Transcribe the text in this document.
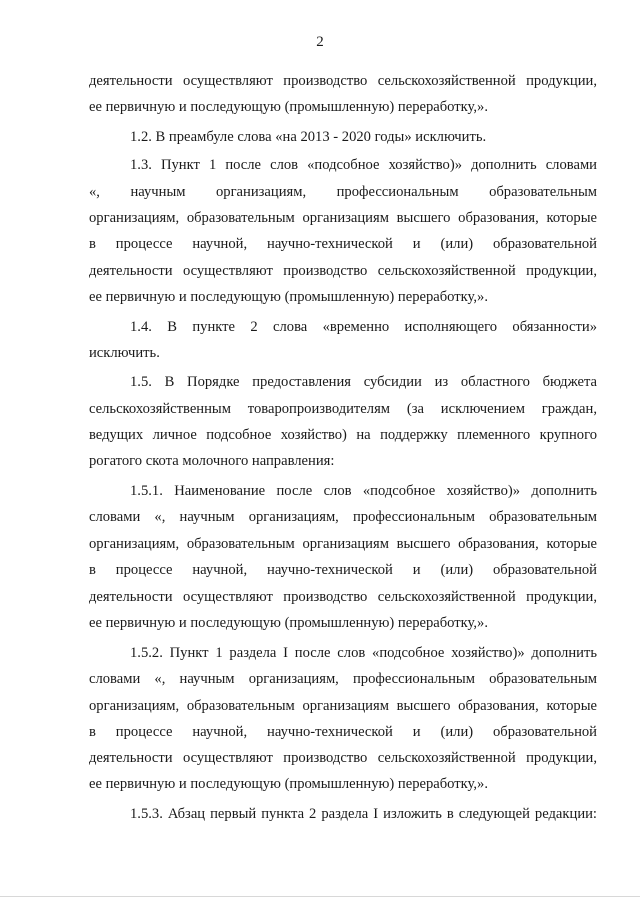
2
деятельности осуществляют производство сельскохозяйственной продукции,
ее первичную и последующую (промышленную) переработку,».
1.2. В преамбуле слова «на 2013 - 2020 годы» исключить.
1.3. Пункт 1 после слов «подсобное хозяйство)» дополнить словами
«, научным организациям, профессиональным образовательным
организациям, образовательным организациям высшего образования, которые
в процессе научной, научно-технической и (или) образовательной
деятельности осуществляют производство сельскохозяйственной продукции,
ее первичную и последующую (промышленную) переработку,».
1.4. В пункте 2 слова «временно исполняющего обязанности»
исключить.
1.5. В Порядке предоставления субсидии из областного бюджета
сельскохозяйственным товаропроизводителям (за исключением граждан,
ведущих личное подсобное хозяйство) на поддержку племенного крупного
рогатого скота молочного направления:
1.5.1. Наименование после слов «подсобное хозяйство)» дополнить
словами «, научным организациям, профессиональным образовательным
организациям, образовательным организациям высшего образования, которые
в процессе научной, научно-технической и (или) образовательной
деятельности осуществляют производство сельскохозяйственной продукции,
ее первичную и последующую (промышленную) переработку,».
1.5.2. Пункт 1 раздела I после слов «подсобное хозяйство)» дополнить
словами «, научным организациям, профессиональным образовательным
организациям, образовательным организациям высшего образования, которые
в процессе научной, научно-технической и (или) образовательной
деятельности осуществляют производство сельскохозяйственной продукции,
ее первичную и последующую (промышленную) переработку,».
1.5.3. Абзац первый пункта 2 раздела I изложить в следующей редакции:
